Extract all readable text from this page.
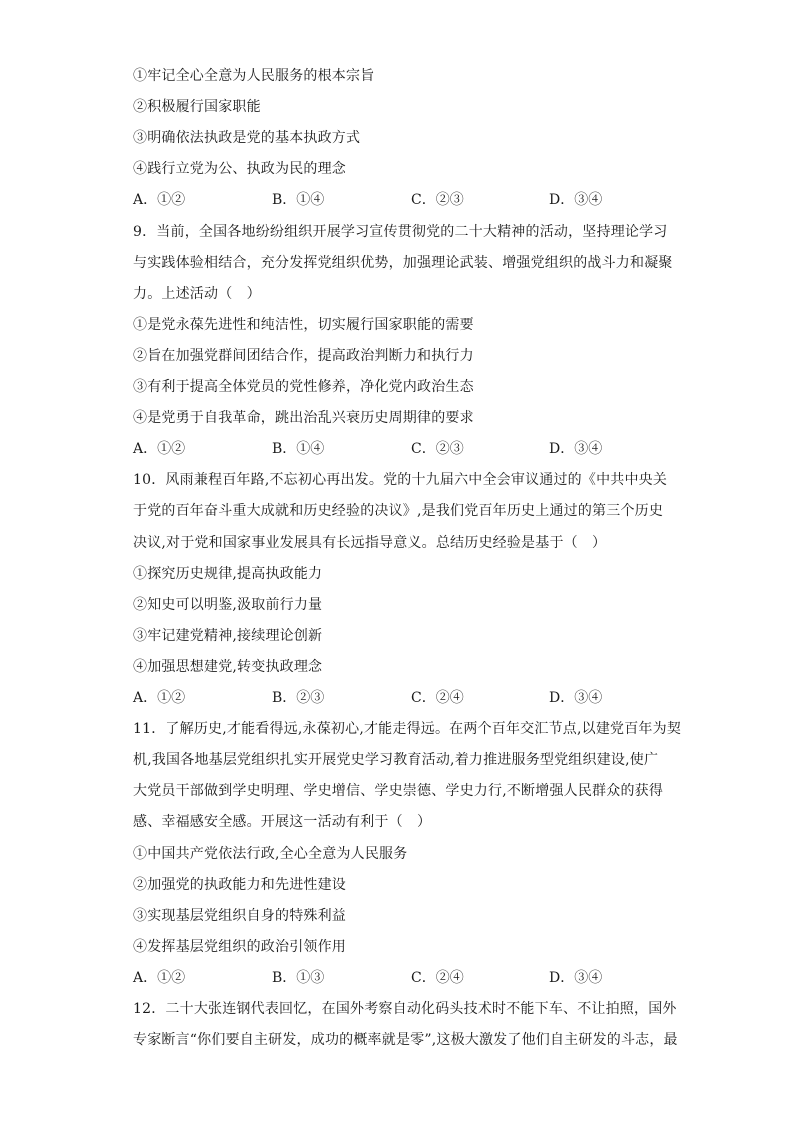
①牢记全心全意为人民服务的根本宗旨
②积极履行国家职能
③明确依法执政是党的基本执政方式
④践行立党为公、执政为民的理念
A．①②	B．①④	C．②③	D．③④
9．当前，全国各地纷纷组织开展学习宣传贯彻党的二十大精神的活动，坚持理论学习
与实践体验相结合，充分发挥党组织优势，加强理论武装、增强党组织的战斗力和凝聚
力。上述活动（　）
①是党永葆先进性和纯洁性，切实履行国家职能的需要
②旨在加强党群间团结合作，提高政治判断力和执行力
③有利于提高全体党员的党性修养，净化党内政治生态
④是党勇于自我革命，跳出治乱兴衰历史周期律的要求
A．①②	B．①④	C．②③	D．③④
10．风雨兼程百年路,不忘初心再出发。党的十九届六中全会审议通过的《中共中央关
于党的百年奋斗重大成就和历史经验的决议》,是我们党百年历史上通过的第三个历史
决议,对于党和国家事业发展具有长远指导意义。总结历史经验是基于（　）
①探究历史规律,提高执政能力
②知史可以明鉴,汲取前行力量
③牢记建党精神,接续理论创新
④加强思想建党,转变执政理念
A．①②	B．②③	C．②④	D．③④
11．了解历史,才能看得远,永葆初心,才能走得远。在两个百年交汇节点,以建党百年为契
机,我国各地基层党组织扎实开展党史学习教育活动,着力推进服务型党组织建设,使广
大党员干部做到学史明理、学史增信、学史崇德、学史力行,不断增强人民群众的获得
感、幸福感安全感。开展这一活动有利于（　）
①中国共产党依法行政,全心全意为人民服务
②加强党的执政能力和先进性建设
③实现基层党组织自身的特殊利益
④发挥基层党组织的政治引领作用
A．①②	B．①③	C．②④	D．③④
12．二十大张连钢代表回忆，在国外考察自动化码头技术时不能下车、不让拍照，国外
专家断言“你们要自主研发，成功的概率就是零”,这极大激发了他们自主研发的斗志，最
